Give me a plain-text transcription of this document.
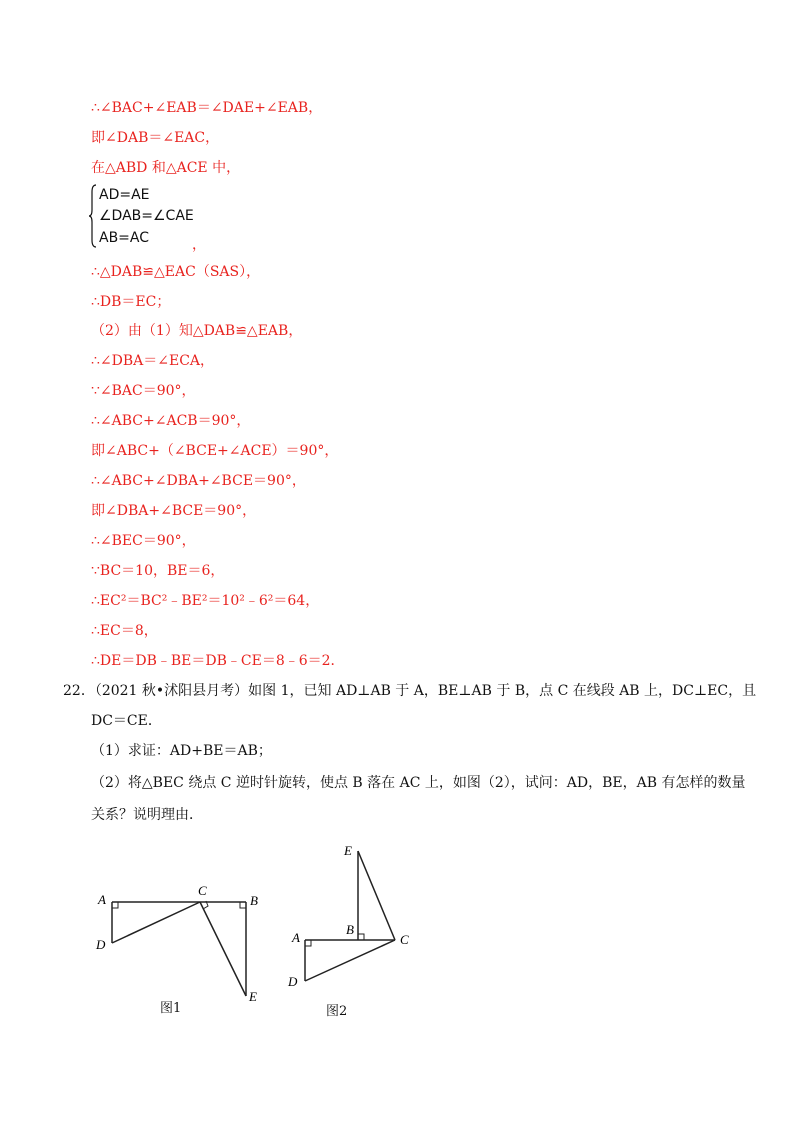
∴∠BAC+∠EAB＝∠DAE+∠EAB，
即∠DAB＝∠EAC，
在△ABD 和△ACE 中，
AD=AE
∠DAB=∠CAE
AB=AC	，
∴△DAB≌△EAC（SAS），
∴DB＝EC；
（2）由（1）知△DAB≌△EAB，
∴∠DBA＝∠ECA，
∵∠BAC＝90°，
∴∠ABC+∠ACB＝90°，
即∠ABC+（∠BCE+∠ACE）＝90°，
∴∠ABC+∠DBA+∠BCE＝90°，
即∠DBA+∠BCE＝90°，
∴∠BEC＝90°，
∵BC＝10，BE＝6，
∴EC²＝BC²﹣BE²＝10²﹣6²＝64，
∴EC＝8，
∴DE＝DB﹣BE＝DB﹣CE＝8﹣6＝2．
22．（2021 秋•沭阳县月考）如图 1，已知 AD⊥AB 于 A，BE⊥AB 于 B，点 C 在线段 AB 上，DC⊥EC，且
DC＝CE．
（1）求证：AD+BE＝AB；
（2）将△BEC 绕点 C 逆时针旋转，使点 B 落在 AC 上，如图（2），试问：AD，BE，AB 有怎样的数量
关系？说明理由．
A	B
C
D
E
图1
E
B
C
A
D
图2
